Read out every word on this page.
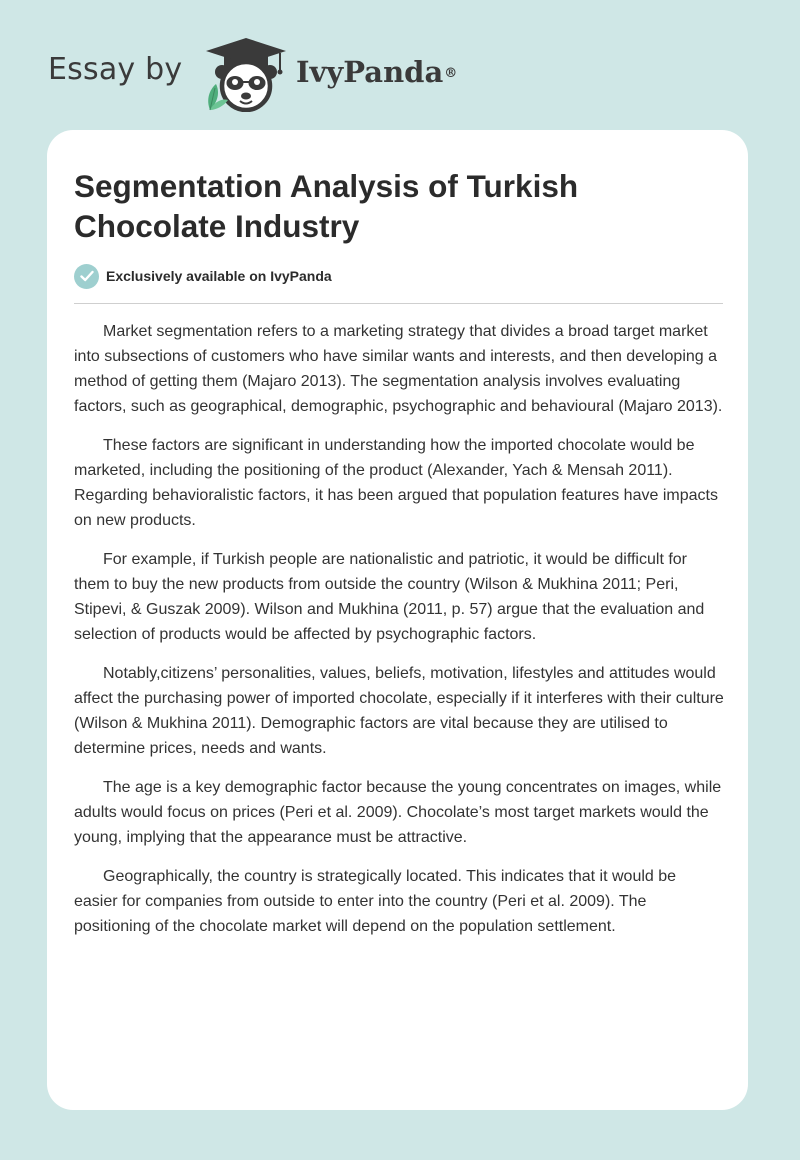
Essay by	IvyPanda®
Segmentation Analysis of Turkish Chocolate Industry
Exclusively available on IvyPanda

Market segmentation refers to a marketing strategy that divides a broad target market into subsections of customers who have similar wants and interests, and then developing a method of getting them (Majaro 2013). The segmentation analysis involves evaluating factors, such as geographical, demographic, psychographic and behavioural (Majaro 2013).

These factors are significant in understanding how the imported chocolate would be marketed, including the positioning of the product (Alexander, Yach & Mensah 2011). Regarding behavioralistic factors, it has been argued that population features have impacts on new products.

For example, if Turkish people are nationalistic and patriotic, it would be difficult for them to buy the new products from outside the country (Wilson & Mukhina 2011; Peri, Stipevi, & Guszak 2009). Wilson and Mukhina (2011, p. 57) argue that the evaluation and selection of products would be affected by psychographic factors.

Notably,citizens’ personalities, values, beliefs, motivation, lifestyles and attitudes would affect the purchasing power of imported chocolate, especially if it interferes with their culture (Wilson & Mukhina 2011). Demographic factors are vital because they are utilised to determine prices, needs and wants.

The age is a key demographic factor because the young concentrates on images, while adults would focus on prices (Peri et al. 2009). Chocolate’s most target markets would the young, implying that the appearance must be attractive.

Geographically, the country is strategically located. This indicates that it would be easier for companies from outside to enter into the country (Peri et al. 2009). The positioning of the chocolate market will depend on the population settlement.
